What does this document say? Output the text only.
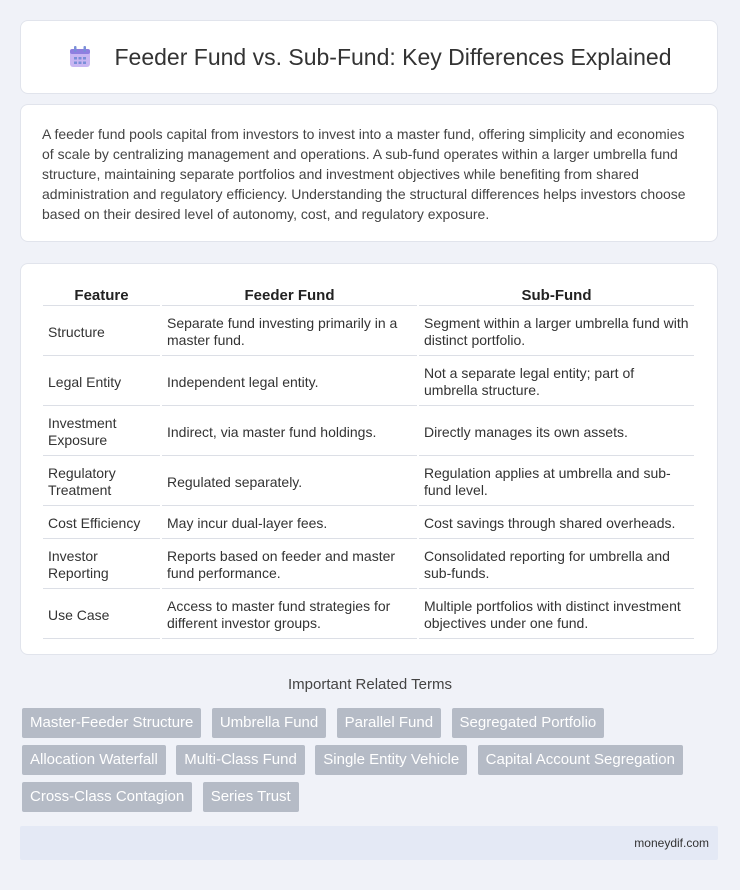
Feeder Fund vs. Sub-Fund: Key Differences Explained

A feeder fund pools capital from investors to invest into a master fund, offering simplicity and economies of scale by centralizing management and operations. A sub-fund operates within a larger umbrella fund structure, maintaining separate portfolios and investment objectives while benefiting from shared administration and regulatory efficiency. Understanding the structural differences helps investors choose based on their desired level of autonomy, cost, and regulatory exposure.

Feature	Feeder Fund	Sub-Fund
Structure	Separate fund investing primarily in a master fund.	Segment within a larger umbrella fund with distinct portfolio.
Legal Entity	Independent legal entity.	Not a separate legal entity; part of umbrella structure.
Investment Exposure	Indirect, via master fund holdings.	Directly manages its own assets.
Regulatory Treatment	Regulated separately.	Regulation applies at umbrella and sub-fund level.
Cost Efficiency	May incur dual-layer fees.	Cost savings through shared overheads.
Investor Reporting	Reports based on feeder and master fund performance.	Consolidated reporting for umbrella and sub-funds.
Use Case	Access to master fund strategies for different investor groups.	Multiple portfolios with distinct investment objectives under one fund.
Important Related Terms
Master-Feeder Structure Umbrella Fund Parallel Fund Segregated Portfolio Allocation Waterfall Multi-Class Fund Single Entity Vehicle Capital Account Segregation Cross-Class Contagion Series Trust
moneydif.com
